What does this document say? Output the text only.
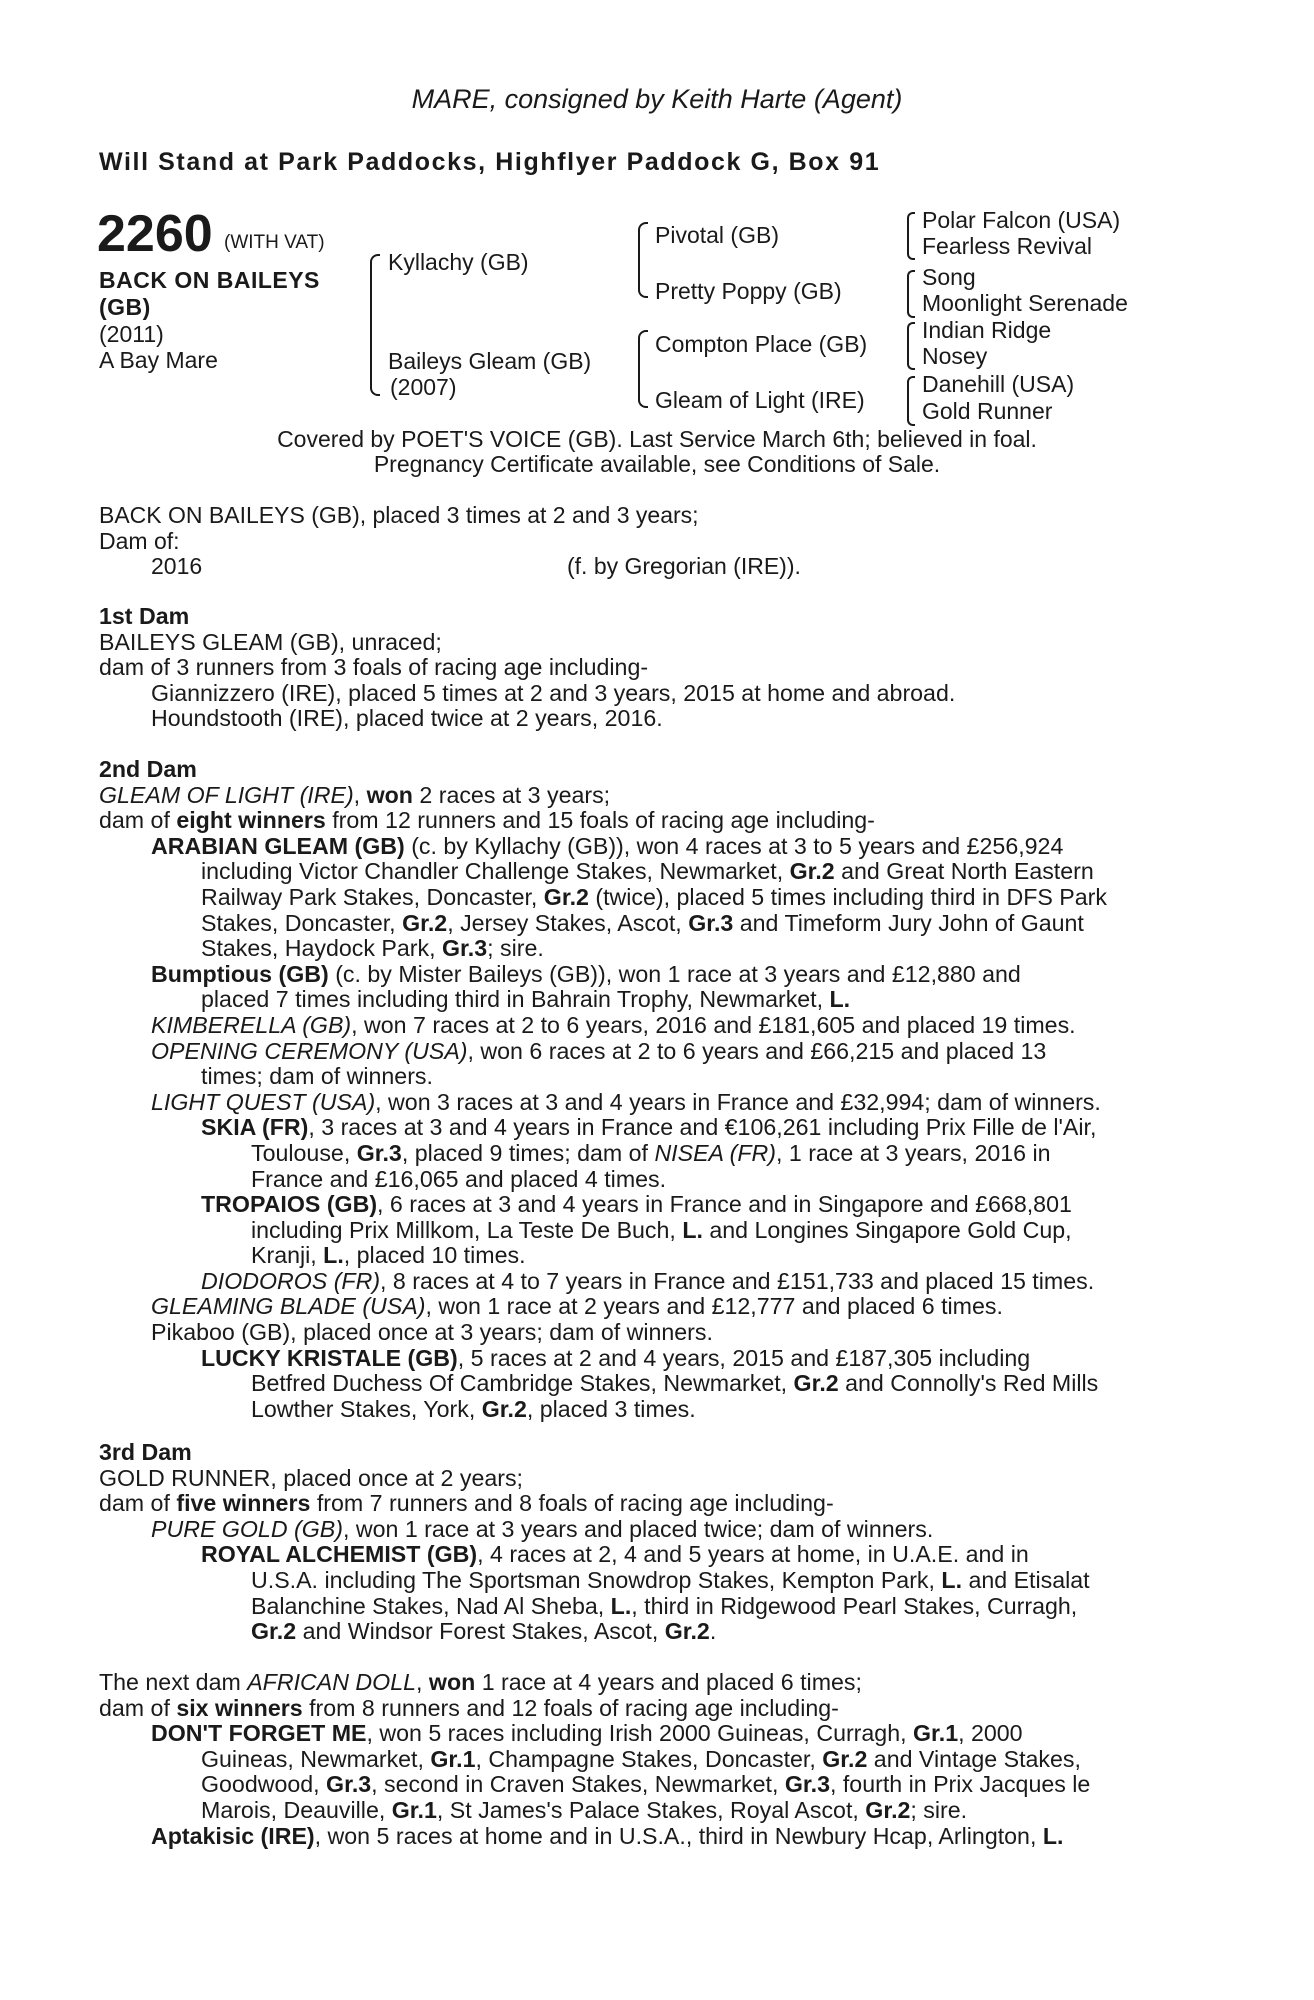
MARE, consigned by Keith Harte (Agent)
Will Stand at Park Paddocks, Highflyer Paddock G, Box 91
2260 (WITH VAT)
BACK ON BAILEYS
(GB)
(2011)
A Bay Mare
Kyllachy (GB)
Baileys Gleam (GB)
(2007)
Pivotal (GB)
Pretty Poppy (GB)
Compton Place (GB)
Gleam of Light (IRE)
Polar Falcon (USA)
Fearless Revival
Song
Moonlight Serenade
Indian Ridge
Nosey
Danehill (USA)
Gold Runner
Covered by POET'S VOICE (GB). Last Service March 6th; believed in foal.
Pregnancy Certificate available, see Conditions of Sale.
BACK ON BAILEYS (GB), placed 3 times at 2 and 3 years;
Dam of:
2016	(f. by Gregorian (IRE)).

1st Dam

BAILEYS GLEAM (GB), unraced;

dam of 3 runners from 3 foals of racing age including-

Giannizzero (IRE), placed 5 times at 2 and 3 years, 2015 at home and abroad.

Houndstooth (IRE), placed twice at 2 years, 2016.

2nd Dam

GLEAM OF LIGHT (IRE), won 2 races at 3 years;

dam of eight winners from 12 runners and 15 foals of racing age including-

ARABIAN GLEAM (GB) (c. by Kyllachy (GB)), won 4 races at 3 to 5 years and £256,924

including Victor Chandler Challenge Stakes, Newmarket, Gr.2 and Great North Eastern

Railway Park Stakes, Doncaster, Gr.2 (twice), placed 5 times including third in DFS Park

Stakes, Doncaster, Gr.2, Jersey Stakes, Ascot, Gr.3 and Timeform Jury John of Gaunt

Stakes, Haydock Park, Gr.3; sire.

Bumptious (GB) (c. by Mister Baileys (GB)), won 1 race at 3 years and £12,880 and

placed 7 times including third in Bahrain Trophy, Newmarket, L.

KIMBERELLA (GB), won 7 races at 2 to 6 years, 2016 and £181,605 and placed 19 times.

OPENING CEREMONY (USA), won 6 races at 2 to 6 years and £66,215 and placed 13

times; dam of winners.

LIGHT QUEST (USA), won 3 races at 3 and 4 years in France and £32,994; dam of winners.

SKIA (FR), 3 races at 3 and 4 years in France and €106,261 including Prix Fille de l'Air,

Toulouse, Gr.3, placed 9 times; dam of NISEA (FR), 1 race at 3 years, 2016 in

France and £16,065 and placed 4 times.

TROPAIOS (GB), 6 races at 3 and 4 years in France and in Singapore and £668,801

including Prix Millkom, La Teste De Buch, L. and Longines Singapore Gold Cup,

Kranji, L., placed 10 times.

DIODOROS (FR), 8 races at 4 to 7 years in France and £151,733 and placed 15 times.

GLEAMING BLADE (USA), won 1 race at 2 years and £12,777 and placed 6 times.

Pikaboo (GB), placed once at 3 years; dam of winners.

LUCKY KRISTALE (GB), 5 races at 2 and 4 years, 2015 and £187,305 including

Betfred Duchess Of Cambridge Stakes, Newmarket, Gr.2 and Connolly's Red Mills

Lowther Stakes, York, Gr.2, placed 3 times.

3rd Dam

GOLD RUNNER, placed once at 2 years;

dam of five winners from 7 runners and 8 foals of racing age including-

PURE GOLD (GB), won 1 race at 3 years and placed twice; dam of winners.

ROYAL ALCHEMIST (GB), 4 races at 2, 4 and 5 years at home, in U.A.E. and in

U.S.A. including The Sportsman Snowdrop Stakes, Kempton Park, L. and Etisalat

Balanchine Stakes, Nad Al Sheba, L., third in Ridgewood Pearl Stakes, Curragh,

Gr.2 and Windsor Forest Stakes, Ascot, Gr.2.

The next dam AFRICAN DOLL, won 1 race at 4 years and placed 6 times;

dam of six winners from 8 runners and 12 foals of racing age including-

DON'T FORGET ME, won 5 races including Irish 2000 Guineas, Curragh, Gr.1, 2000

Guineas, Newmarket, Gr.1, Champagne Stakes, Doncaster, Gr.2 and Vintage Stakes,

Goodwood, Gr.3, second in Craven Stakes, Newmarket, Gr.3, fourth in Prix Jacques le

Marois, Deauville, Gr.1, St James's Palace Stakes, Royal Ascot, Gr.2; sire.

Aptakisic (IRE), won 5 races at home and in U.S.A., third in Newbury Hcap, Arlington, L.
